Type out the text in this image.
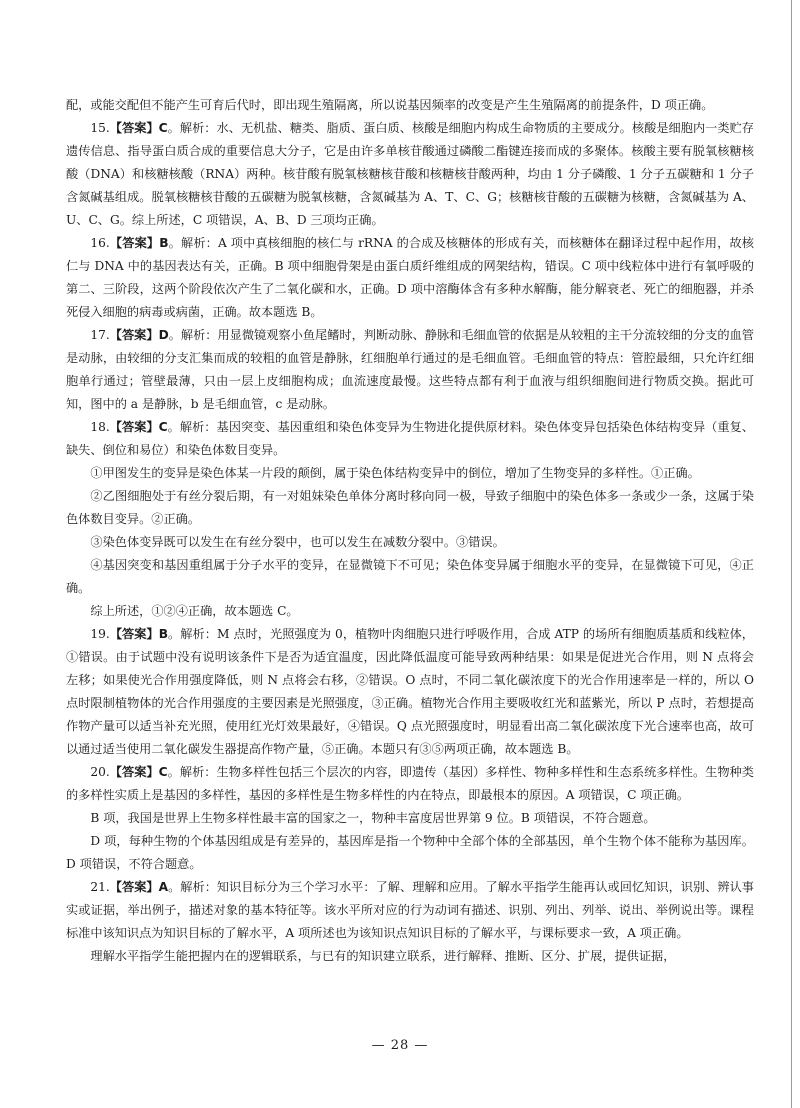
配，或能交配但不能产生可育后代时，即出现生殖隔离，所以说基因频率的改变是产生生殖隔离的前提条件，D 项正确。

15.【答案】C。解析：水、无机盐、糖类、脂质、蛋白质、核酸是细胞内构成生命物质的主要成分。核酸是细胞内一类贮存遗传信息、指导蛋白质合成的重要信息大分子，它是由许多单核苷酸通过磷酸二酯键连接而成的多聚体。核酸主要有脱氧核糖核酸（DNA）和核糖核酸（RNA）两种。核苷酸有脱氧核糖核苷酸和核糖核苷酸两种，均由 1 分子磷酸、1 分子五碳糖和 1 分子含氮碱基组成。脱氧核糖核苷酸的五碳糖为脱氧核糖，含氮碱基为 A、T、C、G；核糖核苷酸的五碳糖为核糖，含氮碱基为 A、U、C、G。综上所述，C 项错误，A、B、D 三项均正确。

16.【答案】B。解析：A 项中真核细胞的核仁与 rRNA 的合成及核糖体的形成有关，而核糖体在翻译过程中起作用，故核仁与 DNA 中的基因表达有关，正确。B 项中细胞骨架是由蛋白质纤维组成的网架结构，错误。C 项中线粒体中进行有氧呼吸的第二、三阶段，这两个阶段依次产生了二氧化碳和水，正确。D 项中溶酶体含有多种水解酶，能分解衰老、死亡的细胞器，并杀死侵入细胞的病毒或病菌，正确。故本题选 B。

17.【答案】D。解析：用显微镜观察小鱼尾鳍时，判断动脉、静脉和毛细血管的依据是从较粗的主干分流较细的分支的血管是动脉，由较细的分支汇集而成的较粗的血管是静脉，红细胞单行通过的是毛细血管。毛细血管的特点：管腔最细，只允许红细胞单行通过；管壁最薄，只由一层上皮细胞构成；血流速度最慢。这些特点都有利于血液与组织细胞间进行物质交换。据此可知，图中的 a 是静脉，b 是毛细血管，c 是动脉。

18.【答案】C。解析：基因突变、基因重组和染色体变异为生物进化提供原材料。染色体变异包括染色体结构变异（重复、缺失、倒位和易位）和染色体数目变异。

①甲图发生的变异是染色体某一片段的颠倒，属于染色体结构变异中的倒位，增加了生物变异的多样性。①正确。

②乙图细胞处于有丝分裂后期，有一对姐妹染色单体分离时移向同一极，导致子细胞中的染色体多一条或少一条，这属于染色体数目变异。②正确。

③染色体变异既可以发生在有丝分裂中，也可以发生在减数分裂中。③错误。

④基因突变和基因重组属于分子水平的变异，在显微镜下不可见；染色体变异属于细胞水平的变异，在显微镜下可见，④正确。

综上所述，①②④正确，故本题选 C。

19.【答案】B。解析：M 点时，光照强度为 0，植物叶肉细胞只进行呼吸作用，合成 ATP 的场所有细胞质基质和线粒体，①错误。由于试题中没有说明该条件下是否为适宜温度，因此降低温度可能导致两种结果：如果是促进光合作用，则 N 点将会左移；如果使光合作用强度降低，则 N 点将会右移，②错误。O 点时，不同二氧化碳浓度下的光合作用速率是一样的，所以 O 点时限制植物体的光合作用强度的主要因素是光照强度，③正确。植物光合作用主要吸收红光和蓝紫光，所以 P 点时，若想提高作物产量可以适当补充光照，使用红光灯效果最好，④错误。Q 点光照强度时，明显看出高二氧化碳浓度下光合速率也高，故可以通过适当使用二氧化碳发生器提高作物产量，⑤正确。本题只有③⑤两项正确，故本题选 B。

20.【答案】C。解析：生物多样性包括三个层次的内容，即遗传（基因）多样性、物种多样性和生态系统多样性。生物种类的多样性实质上是基因的多样性，基因的多样性是生物多样性的内在特点，即最根本的原因。A 项错误，C 项正确。

B 项，我国是世界上生物多样性最丰富的国家之一，物种丰富度居世界第 9 位。B 项错误，不符合题意。

D 项，每种生物的个体基因组成是有差异的，基因库是指一个物种中全部个体的全部基因，单个生物个体不能称为基因库。D 项错误，不符合题意。

21.【答案】A。解析：知识目标分为三个学习水平：了解、理解和应用。了解水平指学生能再认或回忆知识，识别、辨认事实或证据，举出例子，描述对象的基本特征等。该水平所对应的行为动词有描述、识别、列出、列举、说出、举例说出等。课程标准中该知识点为知识目标的了解水平，A 项所述也为该知识点知识目标的了解水平，与课标要求一致，A 项正确。

理解水平指学生能把握内在的逻辑联系，与已有的知识建立联系，进行解释、推断、区分、扩展，提供证据，

— 28 —
